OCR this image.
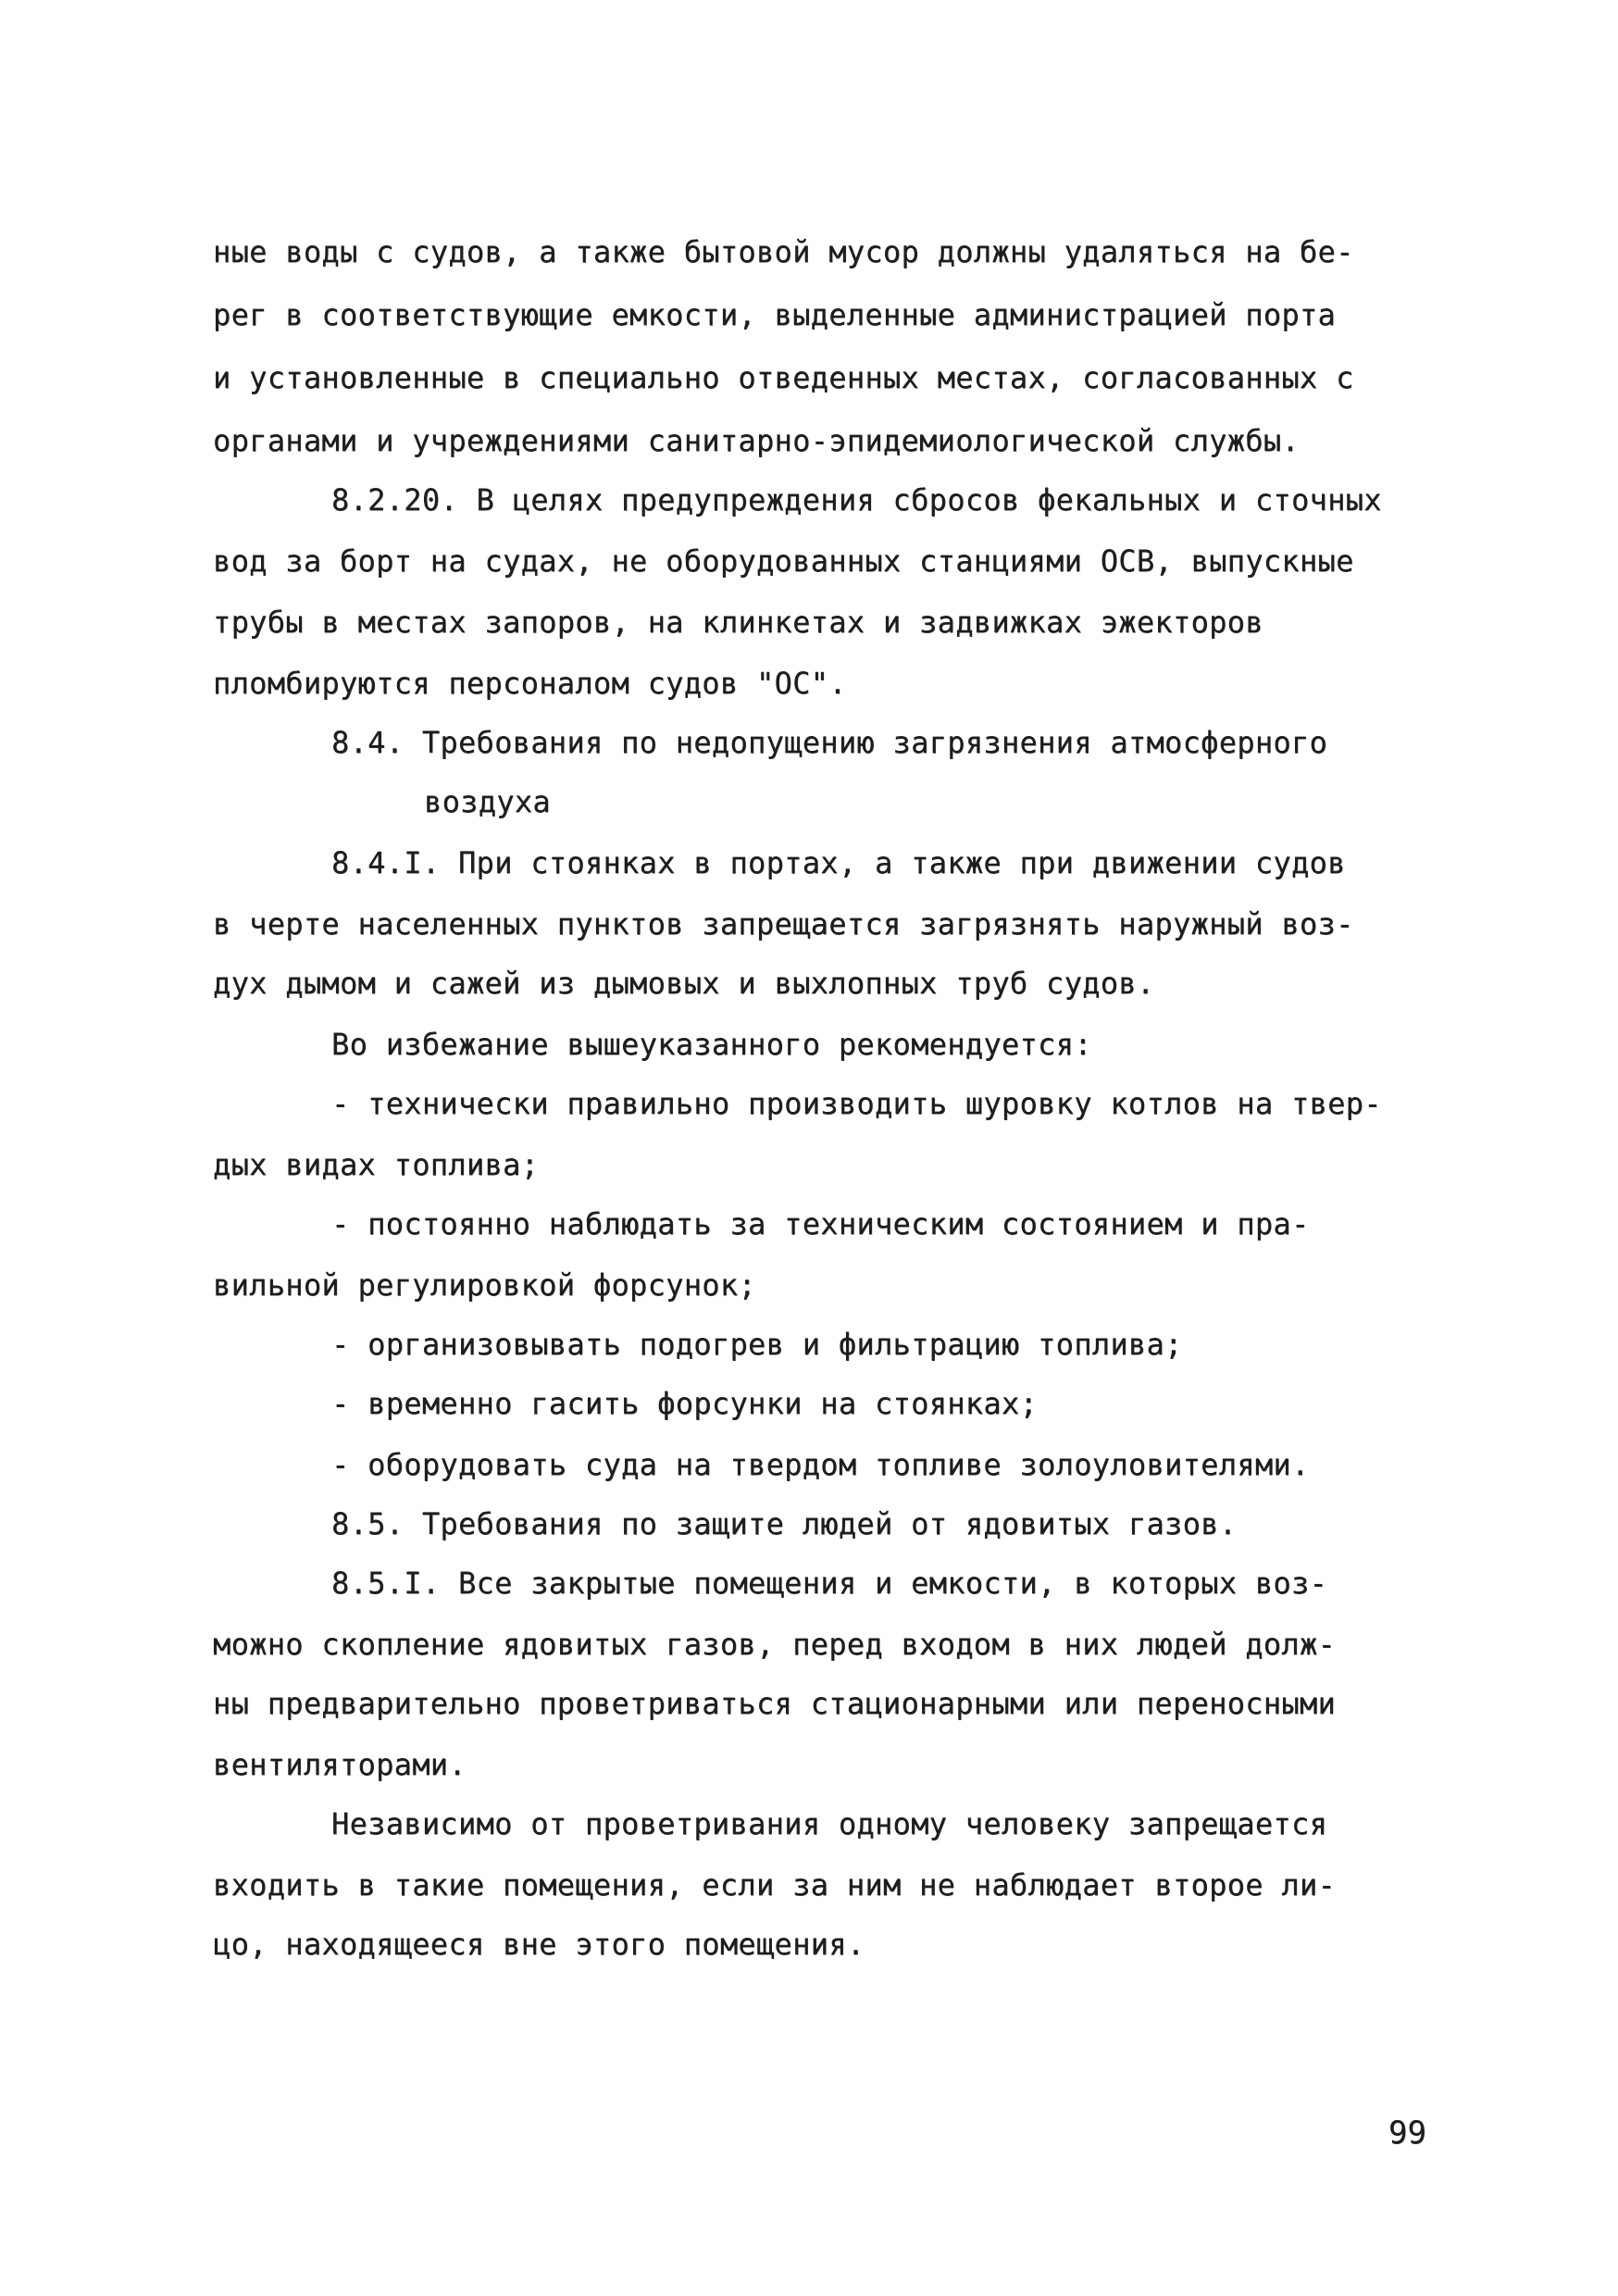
ные воды с судов, а также бытовой мусор должны удаляться на бе-
рег в соответствующие емкости, выделенные администрацией порта
и установленные в специально отведенных местах, согласованных с
органами и учреждениями санитарно-эпидемиологической службы.
8.2.20. В целях предупреждения сбросов фекальных и сточных
вод за борт на судах, не оборудованных станциями ОСВ, выпускные
трубы в местах запоров, на клинкетах и задвижках эжекторов
пломбируются персоналом судов "ОС".
8.4. Требования по недопущению загрязнения атмосферного
воздуха
8.4.I. При стоянках в портах, а также при движении судов
в черте населенных пунктов запрещается загрязнять наружный воз-
дух дымом и сажей из дымовых и выхлопных труб судов.
Во избежание вышеуказанного рекомендуется:
- технически правильно производить шуровку котлов на твер-
дых видах топлива;
- постоянно наблюдать за техническим состоянием и пра-
вильной регулировкой форсунок;
- организовывать подогрев и фильтрацию топлива;
- временно гасить форсунки на стоянках;
- оборудовать суда на твердом топливе золоуловителями.
8.5. Требования по защите людей от ядовитых газов.
8.5.I. Все закрытые помещения и емкости, в которых воз-
можно скопление ядовитых газов, перед входом в них людей долж-
ны предварительно проветриваться стационарными или переносными
вентиляторами.
Независимо от проветривания одному человеку запрещается
входить в такие помещения, если за ним не наблюдает второе ли-
цо, находящееся вне этого помещения.
99
